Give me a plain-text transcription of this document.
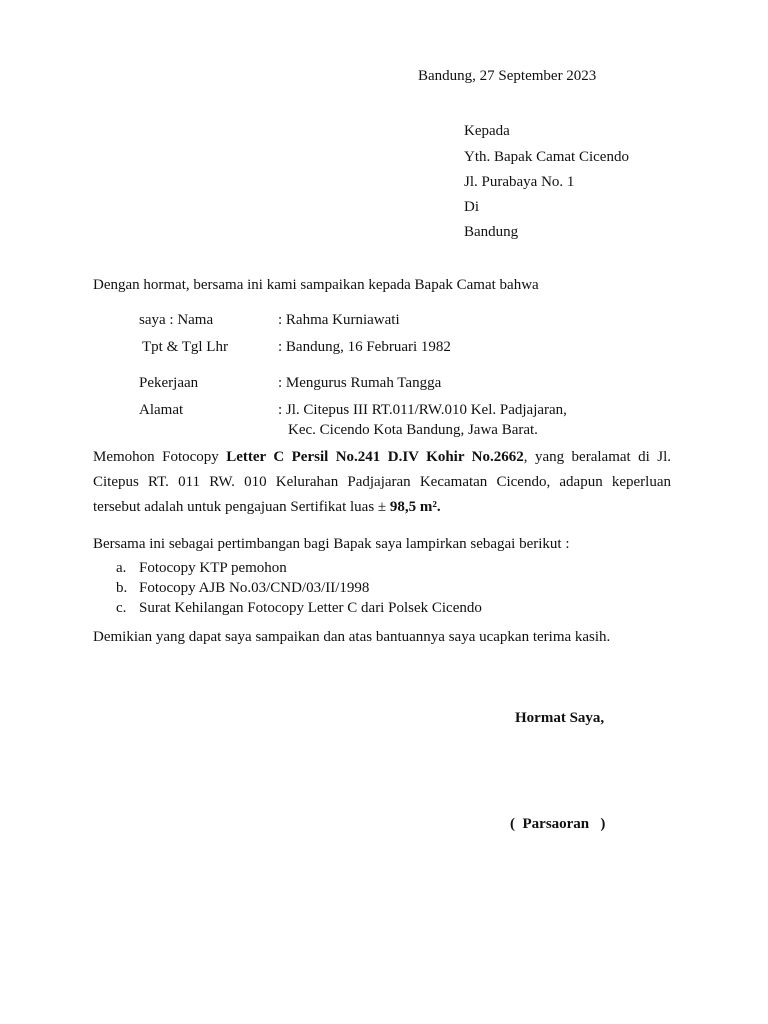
Bandung, 27 September 2023
Kepada
Yth. Bapak Camat Cicendo
Jl. Purabaya No. 1
Di
Bandung
Dengan hormat, bersama ini kami sampaikan kepada Bapak Camat bahwa
saya : Nama	: Rahma Kurniawati
Tpt & Tgl Lhr	: Bandung, 16 Februari 1982
Pekerjaan	: Mengurus Rumah Tangga
Alamat	: Jl. Citepus III RT.011/RW.010 Kel. Padjajaran,
Kec. Cicendo Kota Bandung, Jawa Barat.
Memohon Fotocopy Letter C Persil No.241 D.IV Kohir No.2662, yang beralamat di Jl.
Citepus RT. 011 RW. 010 Kelurahan Padjajaran Kecamatan Cicendo, adapun keperluan
tersebut adalah untuk pengajuan Sertifikat luas ± 98,5 m².
Bersama ini sebagai pertimbangan bagi Bapak saya lampirkan sebagai berikut :
a. Fotocopy KTP pemohon
b. Fotocopy AJB No.03/CND/03/II/1998
c. Surat Kehilangan Fotocopy Letter C dari Polsek Cicendo
Demikian yang dapat saya sampaikan dan atas bantuannya saya ucapkan terima kasih.
Hormat Saya,
(  Parsaoran   )
